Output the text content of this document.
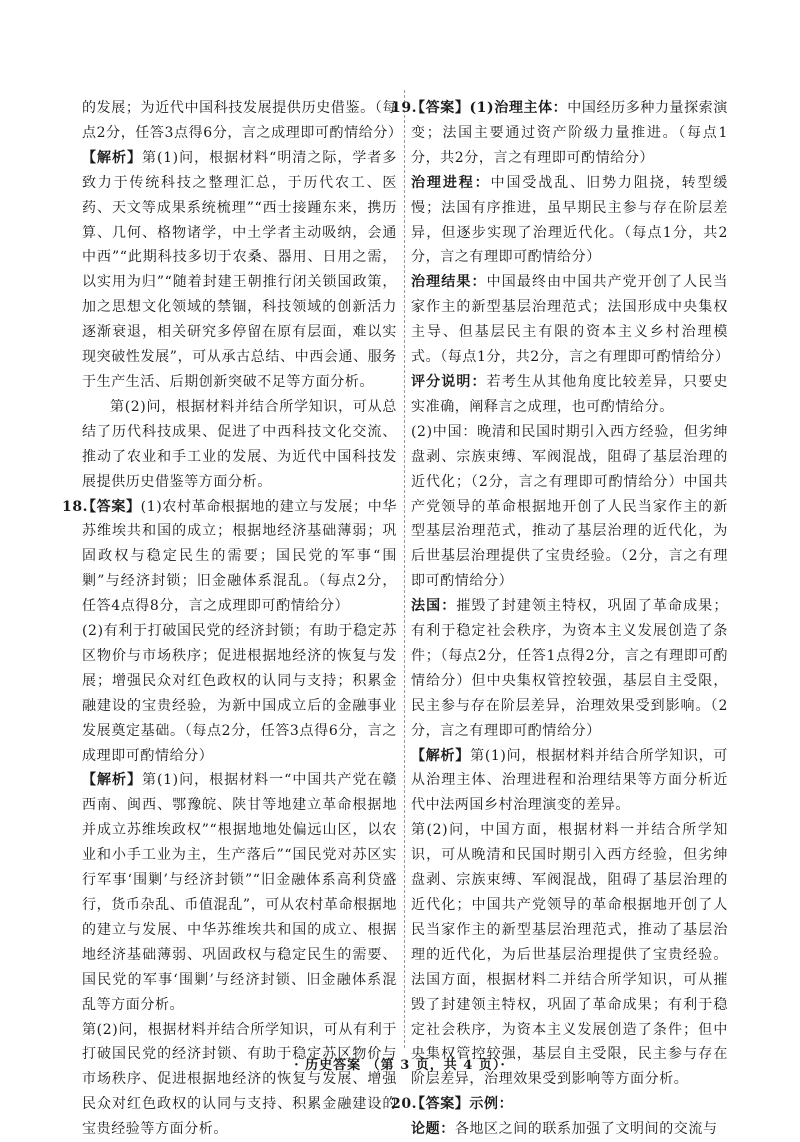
的发展；为近代中国科技发展提供历史借鉴。（每点2分，任答3点得6分，言之成理即可酌情给分）

【解析】第(1)问，根据材料“明清之际，学者多致力于传统科技之整理汇总，于历代农工、医药、天文等成果系统梳理”“西士接踵东来，携历算、几何、格物诸学，中土学者主动吸纳，会通中西”“此期科技多切于农桑、器用、日用之需，以实用为归”“随着封建王朝推行闭关锁国政策，加之思想文化领域的禁锢，科技领域的创新活力逐渐衰退，相关研究多停留在原有层面，难以实现突破性发展”，可从承古总结、中西会通、服务于生产生活、后期创新突破不足等方面分析。

第(2)问，根据材料并结合所学知识，可从总结了历代科技成果、促进了中西科技文化交流、推动了农业和手工业的发展、为近代中国科技发展提供历史借鉴等方面分析。

18.

【答案】(1)农村革命根据地的建立与发展；中华苏维埃共和国的成立；根据地经济基础薄弱；巩固政权与稳定民生的需要；国民党的军事“围剿”与经济封锁；旧金融体系混乱。（每点2分，任答4点得8分，言之成理即可酌情给分）

(2)有利于打破国民党的经济封锁；有助于稳定苏区物价与市场秩序；促进根据地经济的恢复与发展；增强民众对红色政权的认同与支持；积累金融建设的宝贵经验，为新中国成立后的金融事业发展奠定基础。（每点2分，任答3点得6分，言之成理即可酌情给分）

【解析】第(1)问，根据材料一“中国共产党在赣西南、闽西、鄂豫皖、陕甘等地建立革命根据地并成立苏维埃政权”“根据地地处偏远山区，以农业和小手工业为主，生产落后”“国民党对苏区实行军事‘围剿’与经济封锁”“旧金融体系高利贷盛行，货币杂乱、币值混乱”，可从农村革命根据地的建立与发展、中华苏维埃共和国的成立、根据地经济基础薄弱、巩固政权与稳定民生的需要、国民党的军事‘围剿’与经济封锁、旧金融体系混乱等方面分析。

第(2)问，根据材料并结合所学知识，可从有利于打破国民党的经济封锁、有助于稳定苏区物价与市场秩序、促进根据地经济的恢复与发展、增强民众对红色政权的认同与支持、积累金融建设的宝贵经验等方面分析。

19.

【答案】(1)治理主体：中国经历多种力量探索演变；法国主要通过资产阶级力量推进。（每点1分，共2分，言之有理即可酌情给分）

治理进程：中国受战乱、旧势力阻挠，转型缓慢；法国有序推进，虽早期民主参与存在阶层差异，但逐步实现了治理近代化。（每点1分，共2分，言之有理即可酌情给分）

治理结果：中国最终由中国共产党开创了人民当家作主的新型基层治理范式；法国形成中央集权主导、但基层民主有限的资本主义乡村治理模式。（每点1分，共2分，言之有理即可酌情给分）

评分说明：若考生从其他角度比较差异，只要史实准确，阐释言之成理，也可酌情给分。

(2)中国：晚清和民国时期引入西方经验，但劣绅盘剥、宗族束缚、军阀混战，阻碍了基层治理的近代化；（2分，言之有理即可酌情给分）中国共产党领导的革命根据地开创了人民当家作主的新型基层治理范式，推动了基层治理的近代化，为后世基层治理提供了宝贵经验。（2分，言之有理即可酌情给分）

法国：摧毁了封建领主特权，巩固了革命成果；有利于稳定社会秩序，为资本主义发展创造了条件；（每点2分，任答1点得2分，言之有理即可酌情给分）但中央集权管控较强，基层自主受限，民主参与存在阶层差异，治理效果受到影响。（2分，言之有理即可酌情给分）

【解析】第(1)问，根据材料并结合所学知识，可从治理主体、治理进程和治理结果等方面分析近代中法两国乡村治理演变的差异。

第(2)问，中国方面，根据材料一并结合所学知识，可从晚清和民国时期引入西方经验，但劣绅盘剥、宗族束缚、军阀混战，阻碍了基层治理的近代化；中国共产党领导的革命根据地开创了人民当家作主的新型基层治理范式，推动了基层治理的近代化，为后世基层治理提供了宝贵经验。法国方面，根据材料二并结合所学知识，可从摧毁了封建领主特权，巩固了革命成果；有利于稳定社会秩序，为资本主义发展创造了条件；但中央集权管控较强，基层自主受限，民主参与存在阶层差异，治理效果受到影响等方面分析。

20.

【答案】示例：

论题：各地区之间的联系加强了文明间的交流与

· 历史答案 （第 3 页，共 4 页）·
